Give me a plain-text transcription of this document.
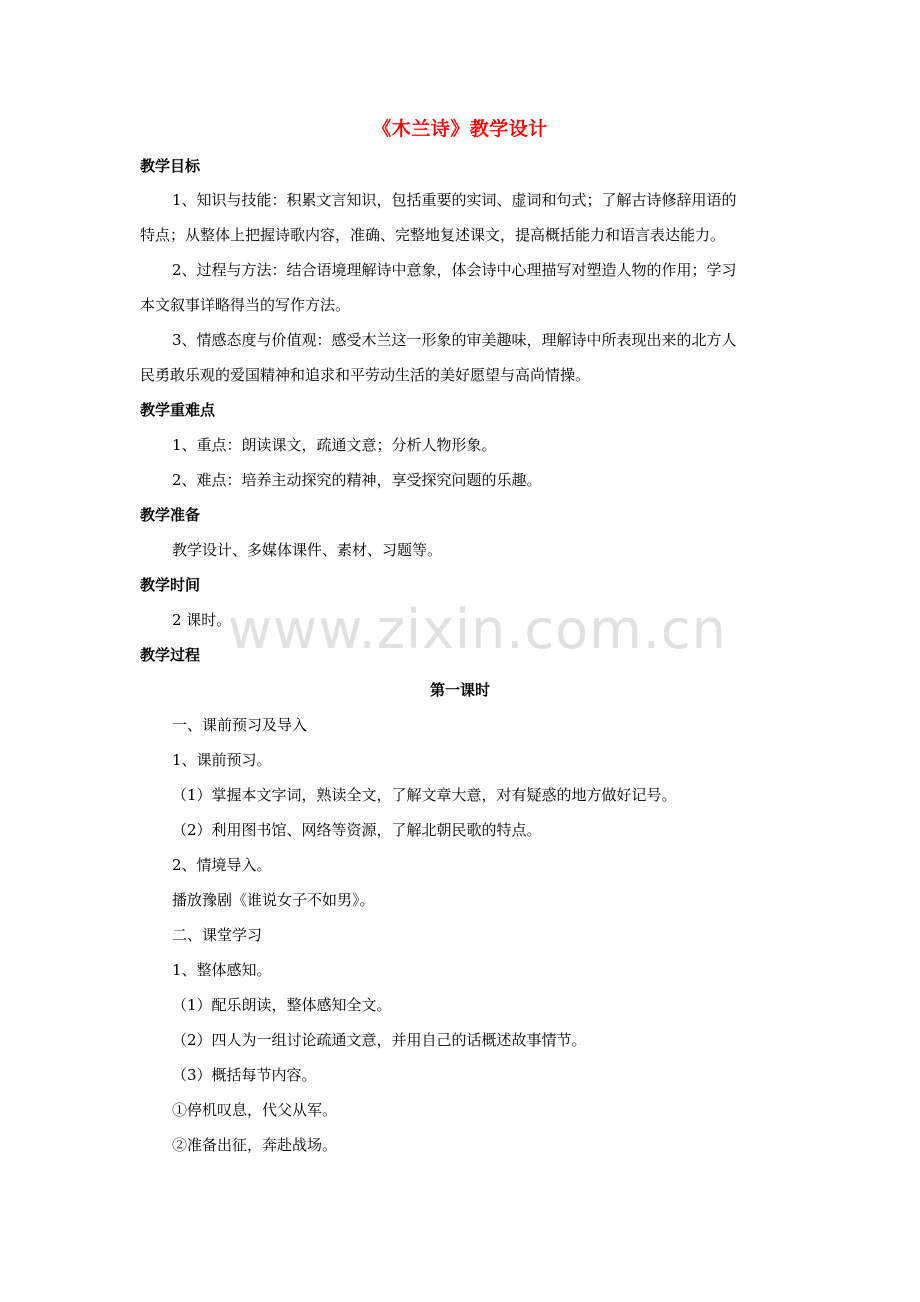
www.zixin.com.cn
《木兰诗》教学设计
教学目标
1、知识与技能：积累文言知识，包括重要的实词、虚词和句式；了解古诗修辞用语的
特点；从整体上把握诗歌内容，准确、完整地复述课文，提高概括能力和语言表达能力。
2、过程与方法：结合语境理解诗中意象，体会诗中心理描写对塑造人物的作用；学习
本文叙事详略得当的写作方法。
3、情感态度与价值观：感受木兰这一形象的审美趣味，理解诗中所表现出来的北方人
民勇敢乐观的爱国精神和追求和平劳动生活的美好愿望与高尚情操。
教学重难点
1、重点：朗读课文，疏通文意；分析人物形象。
2、难点：培养主动探究的精神，享受探究问题的乐趣。
教学准备
教学设计、多媒体课件、素材、习题等。
教学时间
2 课时。
教学过程
第一课时
一、课前预习及导入
1、课前预习。
（1）掌握本文字词，熟读全文，了解文章大意，对有疑惑的地方做好记号。
（2）利用图书馆、网络等资源，了解北朝民歌的特点。
2、情境导入。
播放豫剧《谁说女子不如男》。
二、课堂学习
1、整体感知。
（1）配乐朗读，整体感知全文。
（2）四人为一组讨论疏通文意，并用自己的话概述故事情节。
（3）概括每节内容。
①停机叹息，代父从军。
②准备出征，奔赴战场。
